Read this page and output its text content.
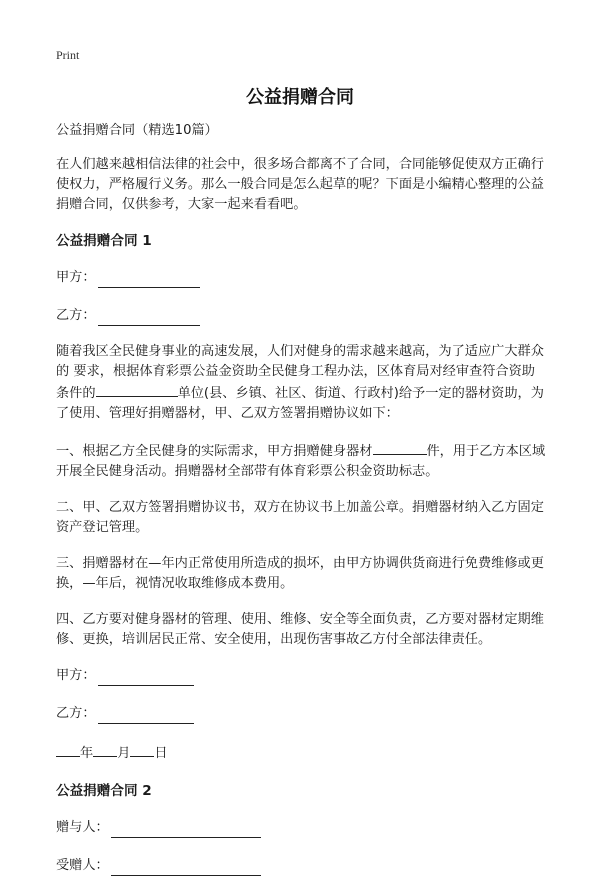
Print
公益捐赠合同

公益捐赠合同（精选10篇）

在人们越来越相信法律的社会中，很多场合都离不了合同，合同能够促使双方正确行使权力，严格履行义务。那么一般合同是怎么起草的呢？下面是小编精心整理的公益捐赠合同，仅供参考，大家一起来看看吧。

公益捐赠合同 1

甲方：
乙方：

随着我区全民健身事业的高速发展，人们对健身的需求越来越高，为了适应广大群众的 要求，根据体育彩票公益金资助全民健身工程办法，区体育局对经审查符合资助条件的	单位(县、乡镇、社区、街道、行政村)给予一定的器材资助，为了使用、管理好捐赠器材，甲、乙双方签署捐赠协议如下：

一、根据乙方全民健身的实际需求，甲方捐赠健身器材	件，用于乙方本区域开展全民健身活动。捐赠器材全部带有体育彩票公积金资助标志。

二、甲、乙双方签署捐赠协议书，双方在协议书上加盖公章。捐赠器材纳入乙方固定资产登记管理。

三、捐赠器材在—年内正常使用所造成的损坏，由甲方协调供货商进行免费维修或更换，—年后，视情况收取维修成本费用。

四、乙方要对健身器材的管理、使用、维修、安全等全面负责，乙方要对器材定期维修、更换，培训居民正常、安全使用，出现伤害事故乙方付全部法律责任。

甲方：
乙方：

年 月 日

公益捐赠合同 2

赠与人：
受赠人：
